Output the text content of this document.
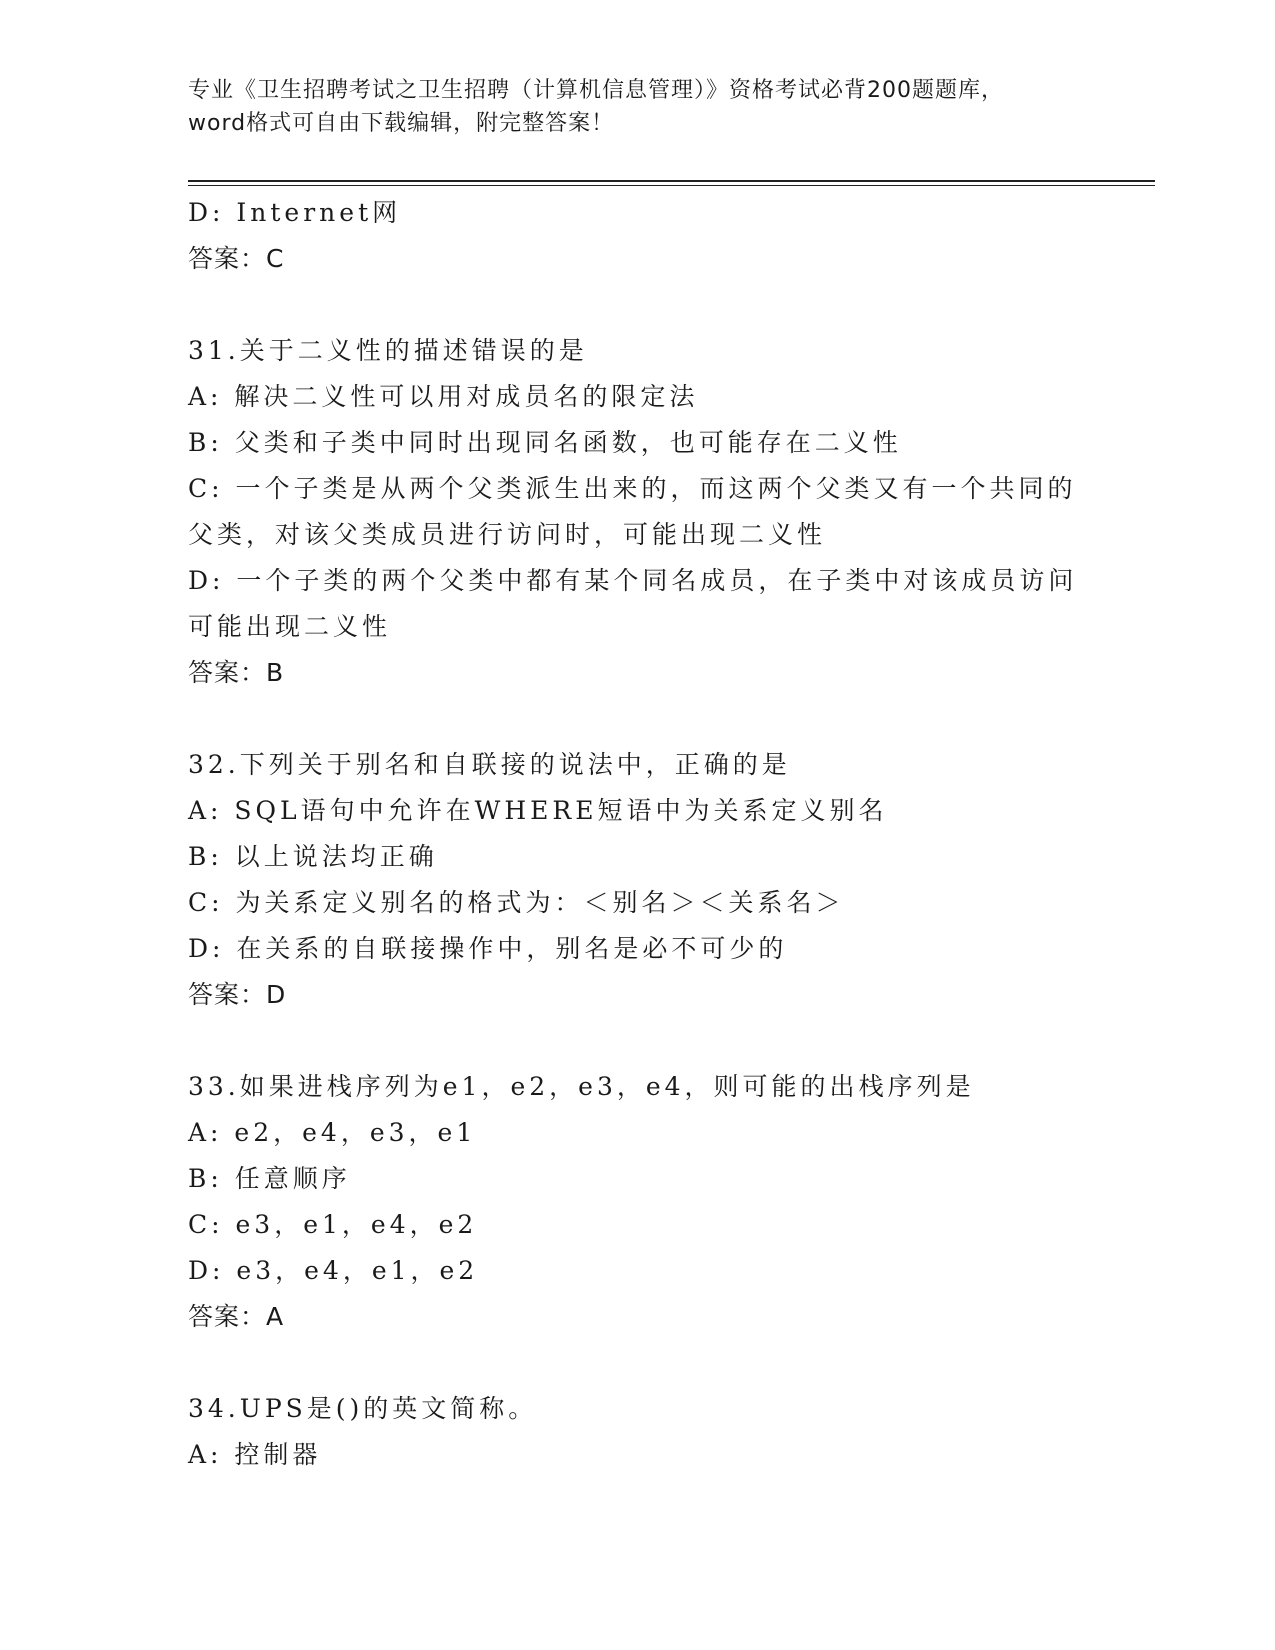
专业《卫生招聘考试之卫生招聘（计算机信息管理）》资格考试必背200题题库，
word格式可自由下载编辑，附完整答案！
D: Internet网
答案：C
31.关于二义性的描述错误的是
A: 解决二义性可以用对成员名的限定法
B: 父类和子类中同时出现同名函数，也可能存在二义性
C: 一个子类是从两个父类派生出来的，而这两个父类又有一个共同的
父类，对该父类成员进行访问时，可能出现二义性
D: 一个子类的两个父类中都有某个同名成员，在子类中对该成员访问
可能出现二义性
答案：B
32.下列关于别名和自联接的说法中，正确的是
A: SQL语句中允许在WHERE短语中为关系定义别名
B: 以上说法均正确
C: 为关系定义别名的格式为：＜别名＞＜关系名＞
D: 在关系的自联接操作中，别名是必不可少的
答案：D
33.如果进栈序列为e1，e2，e3，e4，则可能的出栈序列是
A: e2，e4，e3，e1
B: 任意顺序
C: e3，e1，e4，e2
D: e3，e4，e1，e2
答案：A
34.UPS是()的英文简称。
A: 控制器
